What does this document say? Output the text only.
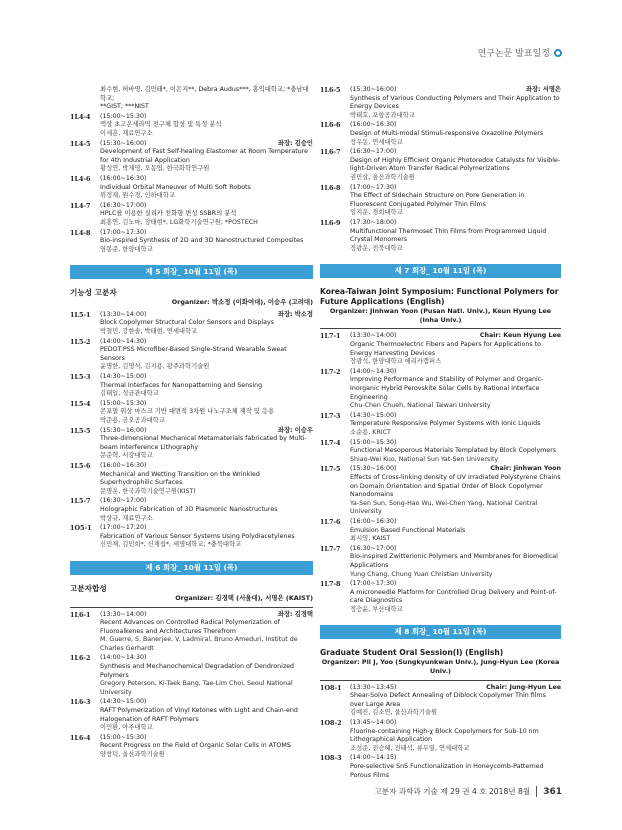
연구논문 발표일정
최수현, 허바영, 김민태*, 이은지**, Debra Audus***, 홍익대학교; *충남대학교;
**GIST; ***NIST
1L4-4	(15:00~15:30)
액상 초고온세라믹 전구체 합성 및 특성 분석
이세훈, 재료연구소
1L4-5	(15:30~16:00)	좌장: 김승인
Development of Fast Self-healing Elastomer at Room Temperature for 4th Industrial Application
황성연, 박제영, 오동엽, 한국화학연구원
1L4-6	(16:00~16:30)
Individual Orbital Maneuver of Multi Soft Robots
위정재, 원수경, 인하대학교
1L4-7	(16:30~17:00)
HPLC를 이용한 실리카 친화형 변성 SSBR의 분석
최홍연, 김노마, 장태현*, LG화학기술연구원; *POSTECH
1L4-8	(17:00~17:30)
Bio-inspired Synthesis of 2D and 3D Nanostructured Composites
염봉준, 한양대학교
제 5 회장_ 10월 11일 (목)
기능성 고분자
Organizer: 박소정 (이화여대), 이승우 (고려대)
1L5-1	(13:30~14:00)	좌장: 박소정
Block Copolymer Structural Color Sensors and Displays
박철민, 강한솔, 박태현, 연세대학교
1L5-2	(14:00~14:30)
PEDOT:PSS Microfiber-Based Single-Strand Wearable Sweat Sensors
윤명한, 김명식, 김지용, 광주과학기술원
1L5-3	(14:30~15:00)
Thermal Interfaces for Nanopatterning and Sensing
김태일, 성균관대학교
1L5-4	(15:00~15:30)
콘포멀 위상 마스크 기반 대면적 3차원 나노구조체 제작 및 응용
박준용, 금오공과대학교
1L5-5	(15:30~16:00)	좌장: 이승우
Three-dimensional Mechanical Metamaterials fabricated by Multi-beam Interference Lithography
문준혁, 서강대학교
1L5-6	(16:00~16:30)
Mechanical and Wetting Transition on the Wrinkled Superhydrophilic Surfaces
문명운, 한국과학기술연구원(KIST)
1L5-7	(16:30~17:00)
Holographic Fabrication of 3D Plasmonic Nanostructures
박상규, 재료연구소
1O5-1	(17:00~17:20)
Fabrication of Various Sensor Systems Using Polydiacetylenes
신민재, 김민희*, 신재섭*, 세명대학교; *충북대학교
제 6 회장_ 10월 11일 (목)
고분자합성
Organizer: 김경택 (서울대), 서명은 (KAIST)
1L6-1	(13:30~14:00)	좌장: 김경택
Recent Advances on Controlled Radical Polymerization of Fluoroalkenes and Architectures Therefrom
M. Guerre, S. Banerjee, V. Ladmiral, Bruno Ameduri, Institut de Charles Gerhardt
1L6-2	(14:00~14:30)
Synthesis and Mechanochemical Degradation of Dendronized Polymers
Gregory Peterson, Ki-Taek Bang, Tae-Lim Choi, Seoul National University
1L6-3	(14:30~15:00)
RAFT Polymerization of Vinyl Ketones with Light and Chain-end Halogenation of RAFT Polymers
이인환, 아주대학교
1L6-4	(15:00~15:30)
Recent Progress on the Field of Organic Solar Cells in ATOMS
양창덕, 울산과학기술원
1L6-5	(15:30~16:00)	좌장: 서명은
Synthesis of Various Conducting Polymers and Their Application to Energy Devices
박태호, 포항공과대학교
1L6-6	(16:00~16:30)
Design of Multi-modal Stimuli-responsive Oxazoline Polymers
정우동, 연세대학교
1L6-7	(16:30~17:00)
Design of Highly Efficient Organic Photoredox Catalysts for Visible-light-Driven Atom Transfer Radical Polymerizations
권민상, 울산과학기술원
1L6-8	(17:00~17:30)
The Effect of Sidechain Structure on Pore Generation in Fluorescent Conjugated Polymer Thin Films
임지운, 경희대학교
1L6-9	(17:30~18:00)
Multifunctional Thermoset Thin Films from Programmed Liquid Crystal Monomers
정광운, 전북대학교
제 7 회장_ 10월 11일 (목)
Korea-Taiwan Joint Symposium: Functional Polymers for Future Applications (English)
Organizer: Jinhwan Yoon (Pusan Natl. Univ.), Keun Hyung Lee (Inha Univ.)
1L7-1	(13:30~14:00)	Chair: Keun Hyung Lee
Organic Thermoelectric Fibers and Papers for Applications to Energy Harvesting Devices
장광석, 한양대학교 에리카캠퍼스
1L7-2	(14:00~14:30)
Improving Performance and Stability of Polymer and Organic-Inorganic Hybrid Perovskite Solar Cells by Rational Interface Engineering
Chu-Chen Chueh, National Taiwan University
1L7-3	(14:30~15:00)
Temperature Responsive Polymer Systems with Ionic Liquids
소순용, KRICT
1L7-4	(15:00~15:30)
Functional Mesoporous Materials Templated by Block Copolymers
Shiao-Wei Kuo, National Sun Yat-Sen University
1L7-5	(15:30~16:00)	Chair: Jinhwan Yoon
Effects of Cross-linking density of UV Irradiated Polystyrene Chains on Domain Orientation and Spatial Order of Block Copolymer Nanodomains
Ya-Sen Sun, Song-Hao Wu, Wei-Chen Yang, National Central University
1L7-6	(16:00~16:30)
Emulsion Based Functional Materials
최시영, KAIST
1L7-7	(16:30~17:00)
Bio-inspired Zwitterionic Polymers and Membranes for Biomedical Applications
Yung Chang, Chung Yuan Christian University
1L7-8	(17:00~17:30)
A microneedle Platform for Controlled Drug Delivery and Point-of-care Diagnostics
정승윤, 부산대학교
제 8 회장_ 10월 11일 (목)
Graduate Student Oral Session(I) (English)
Organizer: Pil J, Yoo (Sungkyunkwan Univ.), Jung-Hyun Lee (Korea Univ.)
1O8-1	(13:30~13:45)	Chair: Jung-Hyun Lee
Shear-Solvo Defect Annealing of Diblock Copolymer Thin films over Large Area
김예진, 김소연, 울산과학기술원
1O8-2	(13:45~14:00)
Fluorine-containing High-χ Block Copolymers for Sub-10 nm Lithographical Application
조성준, 전승혜, 전태석, 류두열, 연세대학교
1O8-3	(14:00~14:15)
Pore-selective SnS Functionalization in Honeycomb-Patterned Porous Films
고분자 과학과 기술 제 29 권 4 호 2018년 8월 361
